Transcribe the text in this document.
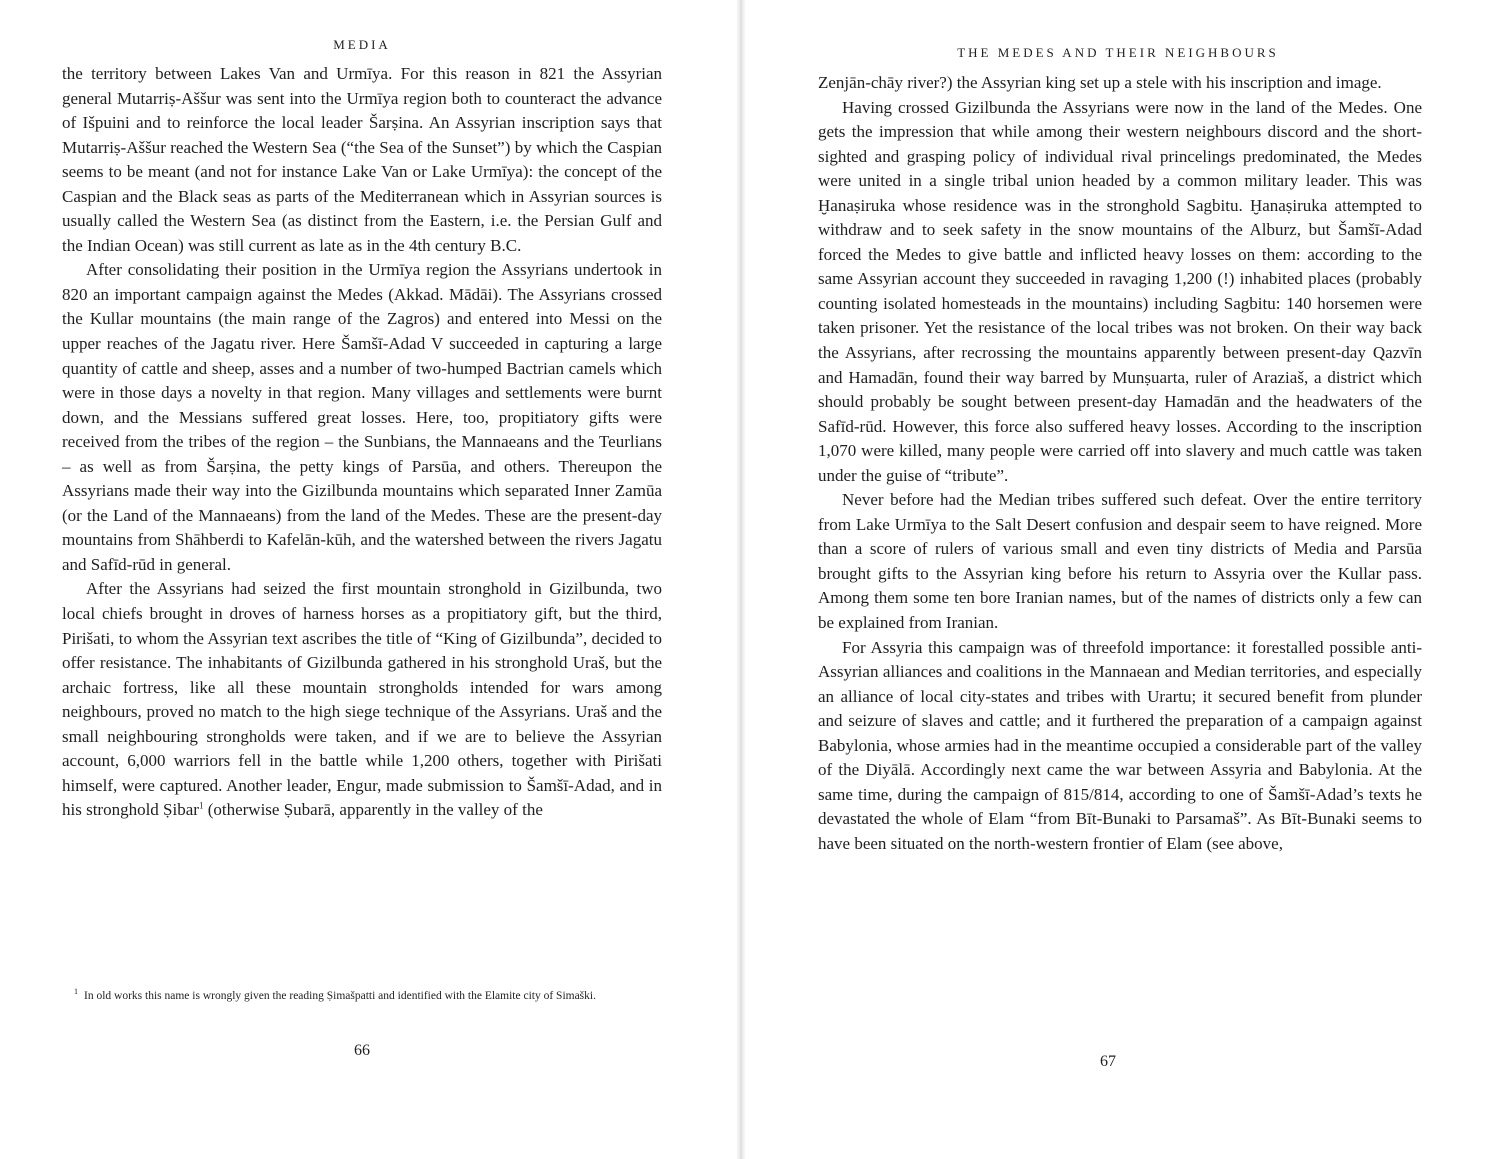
MEDIA

the territory between Lakes Van and Urmīya. For this reason in 821 the Assyrian general Mutarriṣ-Aššur was sent into the Urmīya region both to counteract the advance of Išpuini and to reinforce the local leader Šarṣina. An Assyrian inscription says that Mutarriṣ-Aššur reached the Western Sea (“the Sea of the Sunset”) by which the Caspian seems to be meant (and not for instance Lake Van or Lake Urmīya): the concept of the Caspian and the Black seas as parts of the Mediterranean which in Assyrian sources is usually called the Western Sea (as distinct from the Eastern, i.e. the Persian Gulf and the Indian Ocean) was still current as late as in the 4th century B.C.

After consolidating their position in the Urmīya region the Assyrians undertook in 820 an important campaign against the Medes (Akkad. Mādāi). The Assyrians crossed the Kullar mountains (the main range of the Zagros) and entered into Messi on the upper reaches of the Jagatu river. Here Šamšī-Adad V succeeded in capturing a large quantity of cattle and sheep, asses and a number of two-humped Bactrian camels which were in those days a novelty in that region. Many villages and settlements were burnt down, and the Messians suffered great losses. Here, too, propitiatory gifts were received from the tribes of the region – the Sunbians, the Mannaeans and the Teurlians – as well as from Šarṣina, the petty kings of Parsūa, and others. Thereupon the Assyrians made their way into the Gizilbunda mountains which separated Inner Zamūa (or the Land of the Mannaeans) from the land of the Medes. These are the present-day mountains from Shāhberdi to Kafelān-kūh, and the watershed between the rivers Jagatu and Safīd-rūd in general.

After the Assyrians had seized the first mountain stronghold in Gizilbunda, two local chiefs brought in droves of harness horses as a propitiatory gift, but the third, Pirišati, to whom the Assyrian text ascribes the title of “King of Gizilbunda”, decided to offer resistance. The inhabitants of Gizilbunda gathered in his stronghold Uraš, but the archaic fortress, like all these mountain strongholds intended for wars among neighbours, proved no match to the high siege technique of the Assyrians. Uraš and the small neighbouring strongholds were taken, and if we are to believe the Assyrian account, 6,000 warriors fell in the battle while 1,200 others, together with Pirišati himself, were captured. Another leader, Engur, made submission to Šamšī-Adad, and in his stronghold Ṣibar$^1$ (otherwise Ṣubarā, apparently in the valley of the

$^1$ In old works this name is wrongly given the reading Ṣimašpatti and identified with the Elamite city of Simaški.
66
THE MEDES AND THEIR NEIGHBOURS

Zenjān-chāy river?) the Assyrian king set up a stele with his inscription and image.

Having crossed Gizilbunda the Assyrians were now in the land of the Medes. One gets the impression that while among their western neighbours discord and the short-sighted and grasping policy of individual rival princelings predominated, the Medes were united in a single tribal union headed by a common military leader. This was Ḫanaṣiruka whose residence was in the stronghold Sagbitu. Ḫanaṣiruka attempted to withdraw and to seek safety in the snow mountains of the Alburz, but Šamšī-Adad forced the Medes to give battle and inflicted heavy losses on them: according to the same Assyrian account they succeeded in ravaging 1,200 (!) inhabited places (probably counting isolated homesteads in the mountains) including Sagbitu: 140 horsemen were taken prisoner. Yet the resistance of the local tribes was not broken. On their way back the Assyrians, after recrossing the mountains apparently between present-day Qazvīn and Hamadān, found their way barred by Munṣuarta, ruler of Araziaš, a district which should probably be sought between present-day Hamadān and the headwaters of the Safīd-rūd. However, this force also suffered heavy losses. According to the inscription 1,070 were killed, many people were carried off into slavery and much cattle was taken under the guise of “tribute”.

Never before had the Median tribes suffered such defeat. Over the entire territory from Lake Urmīya to the Salt Desert confusion and despair seem to have reigned. More than a score of rulers of various small and even tiny districts of Media and Parsūa brought gifts to the Assyrian king before his return to Assyria over the Kullar pass. Among them some ten bore Iranian names, but of the names of districts only a few can be explained from Iranian.

For Assyria this campaign was of threefold importance: it forestalled possible anti-Assyrian alliances and coalitions in the Mannaean and Median territories, and especially an alliance of local city-states and tribes with Urartu; it secured benefit from plunder and seizure of slaves and cattle; and it furthered the preparation of a campaign against Babylonia, whose armies had in the meantime occupied a considerable part of the valley of the Diyālā. Accordingly next came the war between Assyria and Babylonia. At the same time, during the campaign of 815/814, according to one of Šamšī-Adad’s texts he devastated the whole of Elam “from Bīt-Bunaki to Parsamaš”. As Bīt-Bunaki seems to have been situated on the north-western frontier of Elam (see above,

67
